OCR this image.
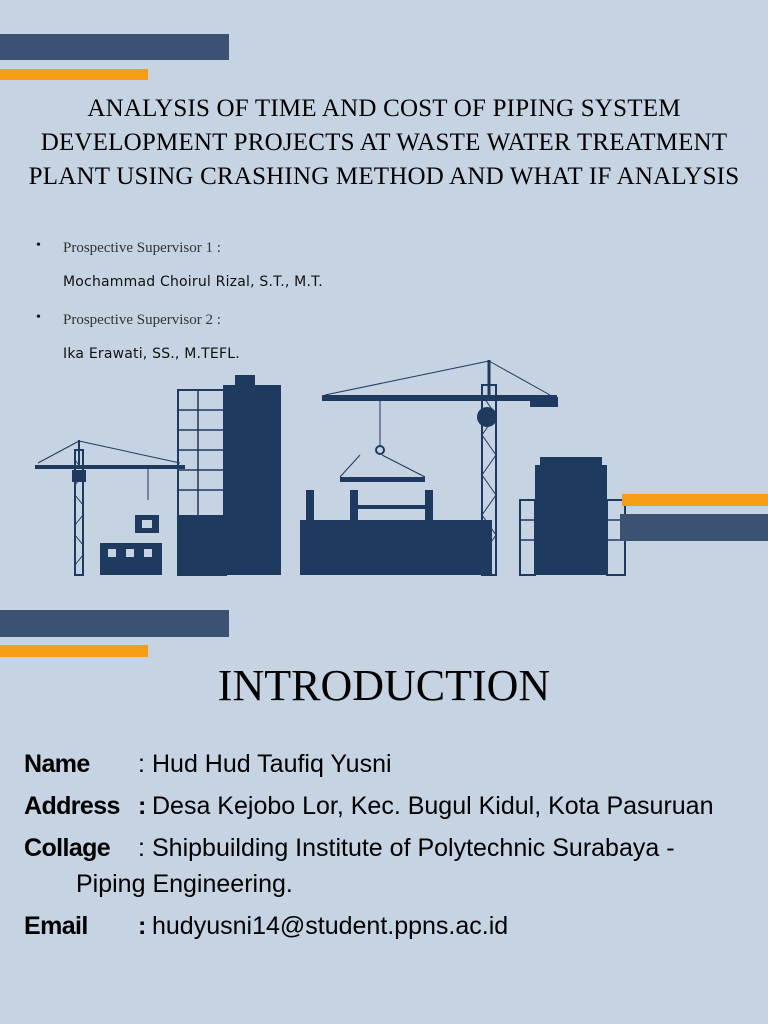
ANALYSIS OF TIME AND COST OF PIPING SYSTEM DEVELOPMENT PROJECTS AT WASTE WATER TREATMENT PLANT USING CRASHING METHOD AND WHAT IF ANALYSIS
• Prospective Supervisor 1 :
Mochammad Choirul Rizal, S.T., M.T.
• Prospective Supervisor 2 :
Ika Erawati, SS., M.TEFL.
INTRODUCTION
Name : Hud Hud Taufiq Yusni
Address : Desa Kejobo Lor, Kec. Bugul Kidul, Kota Pasuruan
Collage : Shipbuilding Institute of Polytechnic Surabaya -
Piping Engineering.
Email : hudyusni14@student.ppns.ac.id
